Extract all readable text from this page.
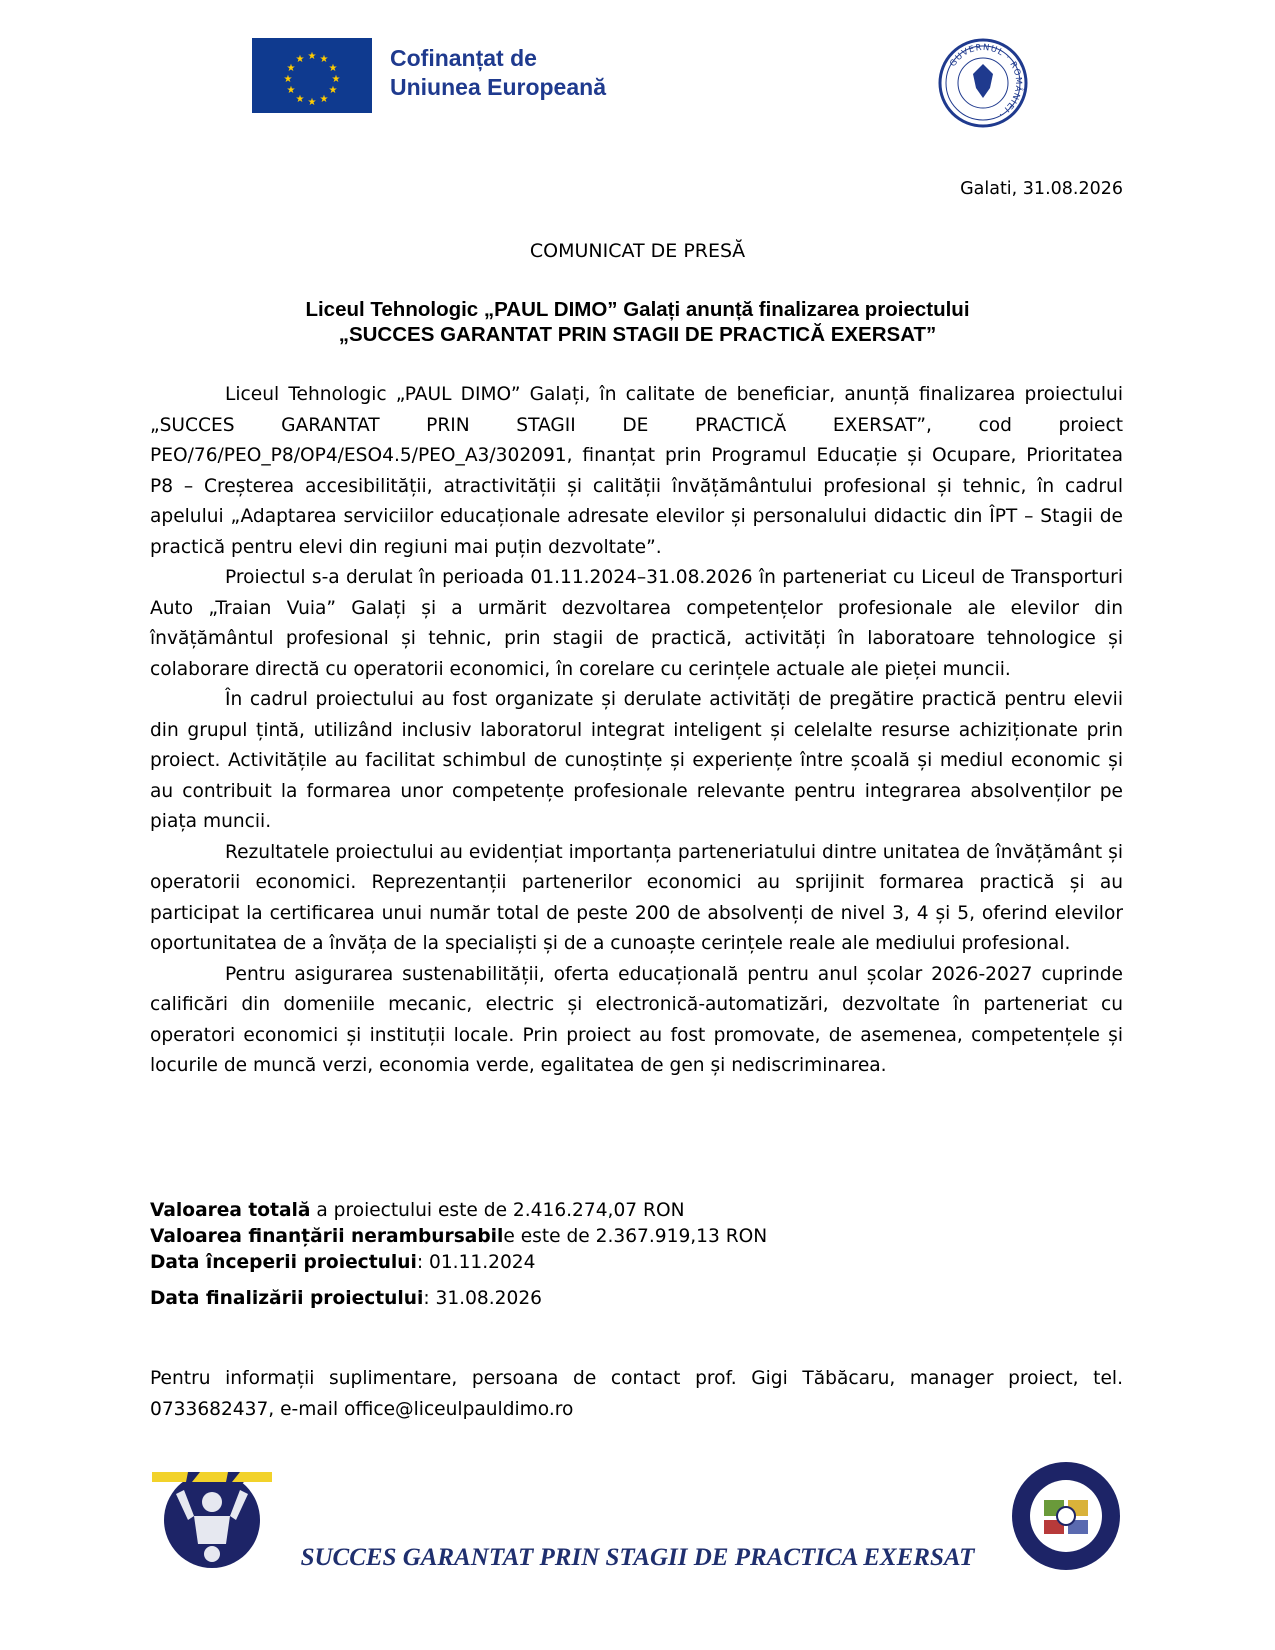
★ ★
★
★
★
★
★
★
★
★
★
★	Cofinanțat de
Uniunea Europeană
GUVERNUL · ROMÂNIEI ·
Galati, 31.08.2026
COMUNICAT DE PRESĂ
Liceul Tehnologic „PAUL DIMO” Galați anunță finalizarea proiectului
„SUCCES GARANTAT PRIN STAGII DE PRACTICĂ EXERSAT”

Liceul Tehnologic „PAUL DIMO” Galați, în calitate de beneficiar, anunță finalizarea proiectului „SUCCES GARANTAT PRIN STAGII DE PRACTICĂ EXERSAT”, cod proiect PEO/76/PEO_P8/OP4/ESO4.5/PEO_A3/302091, finanțat prin Programul Educație și Ocupare, Prioritatea P8 – Creșterea accesibilității, atractivității și calității învățământului profesional și tehnic, în cadrul apelului „Adaptarea serviciilor educaționale adresate elevilor și personalului didactic din ÎPT – Stagii de practică pentru elevi din regiuni mai puțin dezvoltate”.

Proiectul s-a derulat în perioada 01.11.2024–31.08.2026 în parteneriat cu Liceul de Transporturi Auto „Traian Vuia” Galați și a urmărit dezvoltarea competențelor profesionale ale elevilor din învățământul profesional și tehnic, prin stagii de practică, activități în laboratoare tehnologice și colaborare directă cu operatorii economici, în corelare cu cerințele actuale ale pieței muncii.

În cadrul proiectului au fost organizate și derulate activități de pregătire practică pentru elevii din grupul țintă, utilizând inclusiv laboratorul integrat inteligent și celelalte resurse achiziționate prin proiect. Activitățile au facilitat schimbul de cunoștințe și experiențe între școală și mediul economic și au contribuit la formarea unor competențe profesionale relevante pentru integrarea absolvenților pe piața muncii.

Rezultatele proiectului au evidențiat importanța parteneriatului dintre unitatea de învățământ și operatorii economici. Reprezentanții partenerilor economici au sprijinit formarea practică și au participat la certificarea unui număr total de peste 200 de absolvenți de nivel 3, 4 și 5, oferind elevilor oportunitatea de a învăța de la specialiști și de a cunoaște cerințele reale ale mediului profesional.

Pentru asigurarea sustenabilității, oferta educațională pentru anul școlar 2026-2027 cuprinde calificări din domeniile mecanic, electric și electronică-automatizări, dezvoltate în parteneriat cu operatori economici și instituții locale. Prin proiect au fost promovate, de asemenea, competențele și locurile de muncă verzi, economia verde, egalitatea de gen și nediscriminarea.

Valoarea totală a proiectului este de 2.416.274,07 RON
Valoarea finanțării nerambursabile este de 2.367.919,13 RON
Data începerii proiectului: 01.11.2024
Data finalizării proiectului: 31.08.2026
Pentru informații suplimentare, persoana de contact prof. Gigi Tăbăcaru, manager proiect, tel. 0733682437, e-mail office@liceulpauldimo.ro
SUCCES GARANTAT PRIN STAGII DE PRACTICA EXERSAT
